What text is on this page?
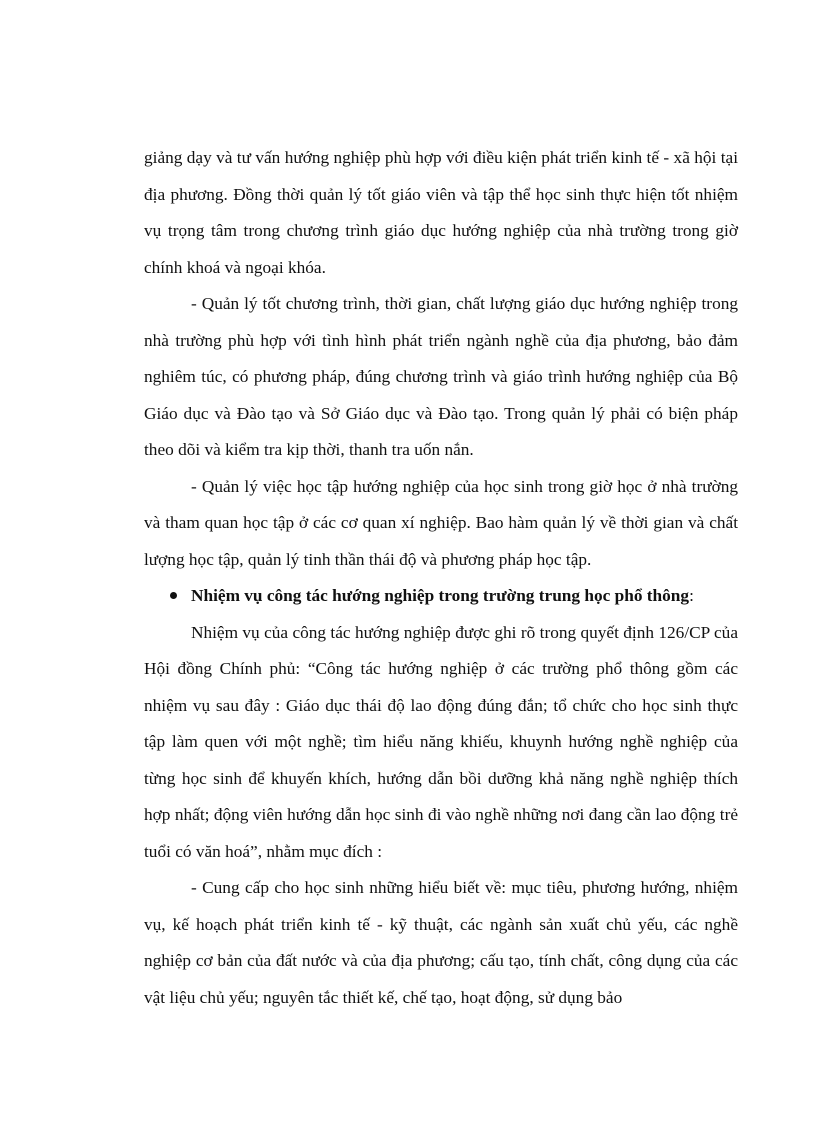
giảng dạy và tư vấn hướng nghiệp phù hợp với điều kiện phát triển kinh tế - xã hội tại địa phương. Đồng thời quản lý tốt giáo viên và tập thể học sinh thực hiện tốt nhiệm vụ trọng tâm trong chương trình giáo dục hướng nghiệp của nhà trường trong giờ chính khoá và ngoại khóa.

- Quản lý tốt chương trình, thời gian, chất lượng giáo dục hướng nghiệp trong nhà trường phù hợp với tình hình phát triển ngành nghề của địa phương, bảo đảm nghiêm túc, có phương pháp, đúng chương trình và giáo trình hướng nghiệp của Bộ Giáo dục và Đào tạo và Sở Giáo dục và Đào tạo. Trong quản lý phải có biện pháp theo dõi và kiểm tra kịp thời, thanh tra uốn nắn.

- Quản lý việc học tập hướng nghiệp của học sinh trong giờ học ở nhà trường và tham quan học tập ở các cơ quan xí nghiệp. Bao hàm quản lý về thời gian và chất lượng học tập, quản lý tinh thần thái độ và phương pháp học tập.

Nhiệm vụ công tác hướng nghiệp trong trường trung học phổ thông:

Nhiệm vụ của công tác hướng nghiệp được ghi rõ trong quyết định 126/CP của Hội đồng Chính phủ: “Công tác hướng nghiệp ở các trường phổ thông gồm các nhiệm vụ sau đây : Giáo dục thái độ lao động đúng đắn; tổ chức cho học sinh thực tập làm quen với một nghề; tìm hiểu năng khiếu, khuynh hướng nghề nghiệp của từng học sinh để khuyến khích, hướng dẫn bồi dưỡng khả năng nghề nghiệp thích hợp nhất; động viên hướng dẫn học sinh đi vào nghề những nơi đang cần lao động trẻ tuổi có văn hoá”, nhằm mục đích :

- Cung cấp cho học sinh những hiểu biết về: mục tiêu, phương hướng, nhiệm vụ, kế hoạch phát triển kinh tế - kỹ thuật, các ngành sản xuất chủ yếu, các nghề nghiệp cơ bản của đất nước và của địa phương; cấu tạo, tính chất, công dụng của các vật liệu chủ yếu; nguyên tắc thiết kế, chế tạo, hoạt động, sử dụng bảo
